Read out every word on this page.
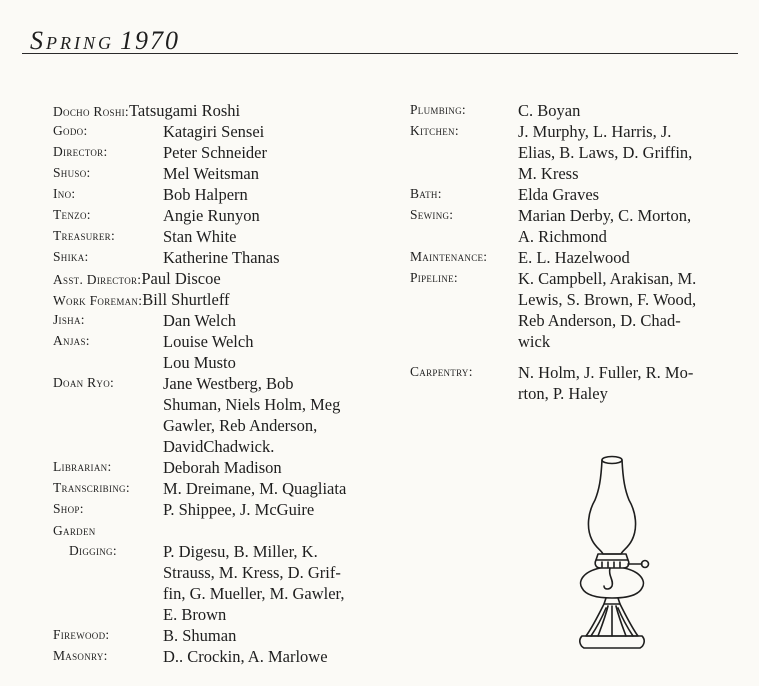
Spring 1970
Docho Roshi:Tatsugami Roshi
Godo:	Katagiri Sensei
Director:	Peter Schneider
Shuso:	Mel Weitsman
Ino:	Bob Halpern
Tenzo:	Angie Runyon
Treasurer:	Stan White
Shika:	Katherine Thanas
Asst. Director:Paul Discoe
Work Foreman:Bill Shurtleff
Jisha:	Dan Welch
Anjas:	Louise Welch
Lou Musto
Doan Ryo:	Jane Westberg, Bob
Shuman, Niels Holm, Meg
Gawler, Reb Anderson,
DavidChadwick.
Librarian:	Deborah Madison
Transcribing: M. Dreimane, M. Quagliata
Shop:	P. Shippee, J. McGuire
Garden
Digging:	P. Digesu, B. Miller, K.
Strauss, M. Kress, D. Grif-
fin, G. Mueller, M. Gawler,
E. Brown
Firewood:	B. Shuman
Masonry:	D.. Crockin, A. Marlowe
Plumbing:	C. Boyan
Kitchen:	J. Murphy, L. Harris, J.
Elias, B. Laws, D. Griffin,
M. Kress
Bath:	Elda Graves
Sewing:	Marian Derby, C. Morton,
A. Richmond
Maintenance: E. L. Hazelwood
Pipeline:	K. Campbell, Arakisan, M.
Lewis, S. Brown, F. Wood,
Reb Anderson, D. Chad-
wick
Carpentry:	N. Holm, J. Fuller, R. Mo-
rton, P. Haley
